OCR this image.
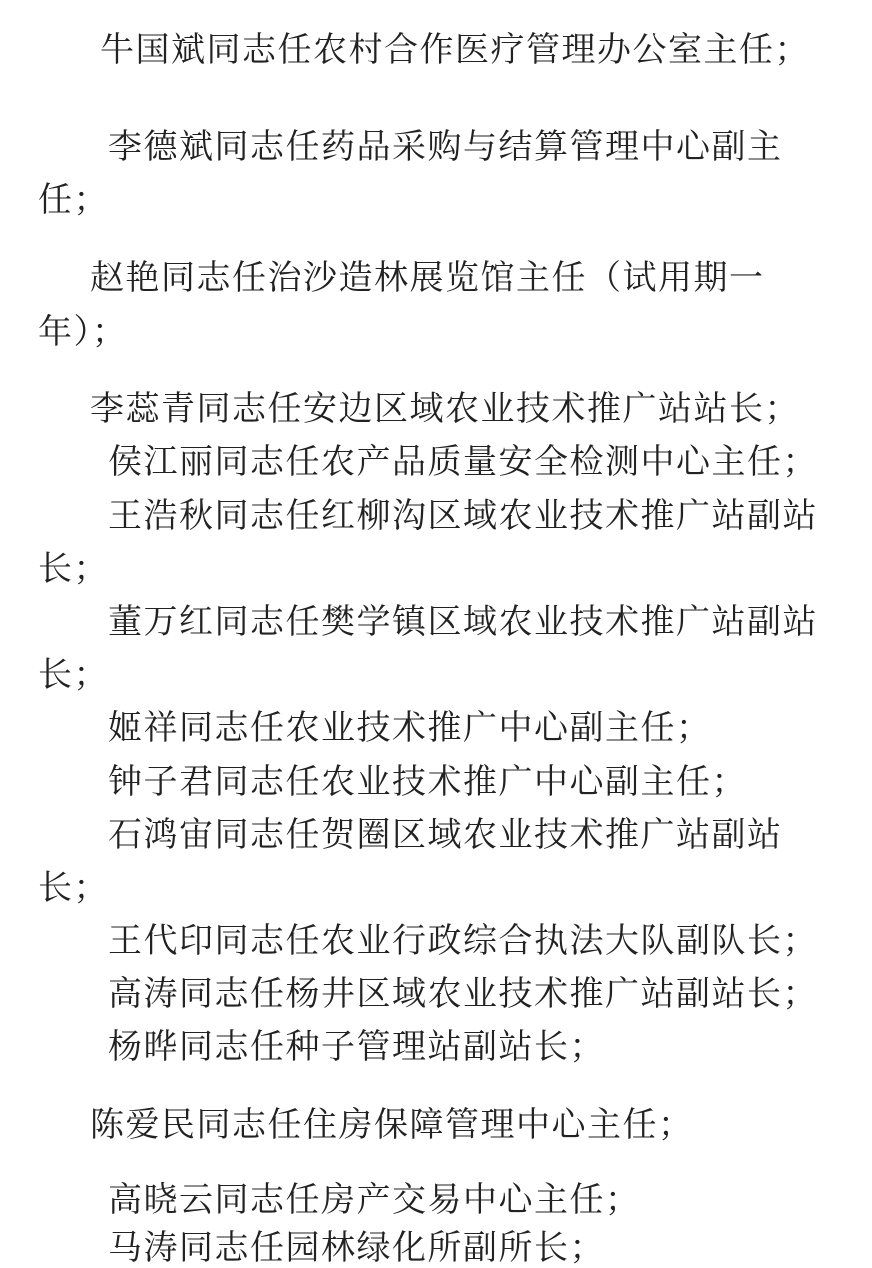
牛国斌同志任农村合作医疗管理办公室主任；
李德斌同志任药品采购与结算管理中心副主
任；
赵艳同志任治沙造林展览馆主任（试用期一
年）；
李蕊青同志任安边区域农业技术推广站站长；
侯江丽同志任农产品质量安全检测中心主任；
王浩秋同志任红柳沟区域农业技术推广站副站
长；
董万红同志任樊学镇区域农业技术推广站副站
长；
姬祥同志任农业技术推广中心副主任；
钟子君同志任农业技术推广中心副主任；
石鸿宙同志任贺圈区域农业技术推广站副站
长；
王代印同志任农业行政综合执法大队副队长；
高涛同志任杨井区域农业技术推广站副站长；
杨晔同志任种子管理站副站长；
陈爱民同志任住房保障管理中心主任；
高晓云同志任房产交易中心主任；
马涛同志任园林绿化所副所长；
